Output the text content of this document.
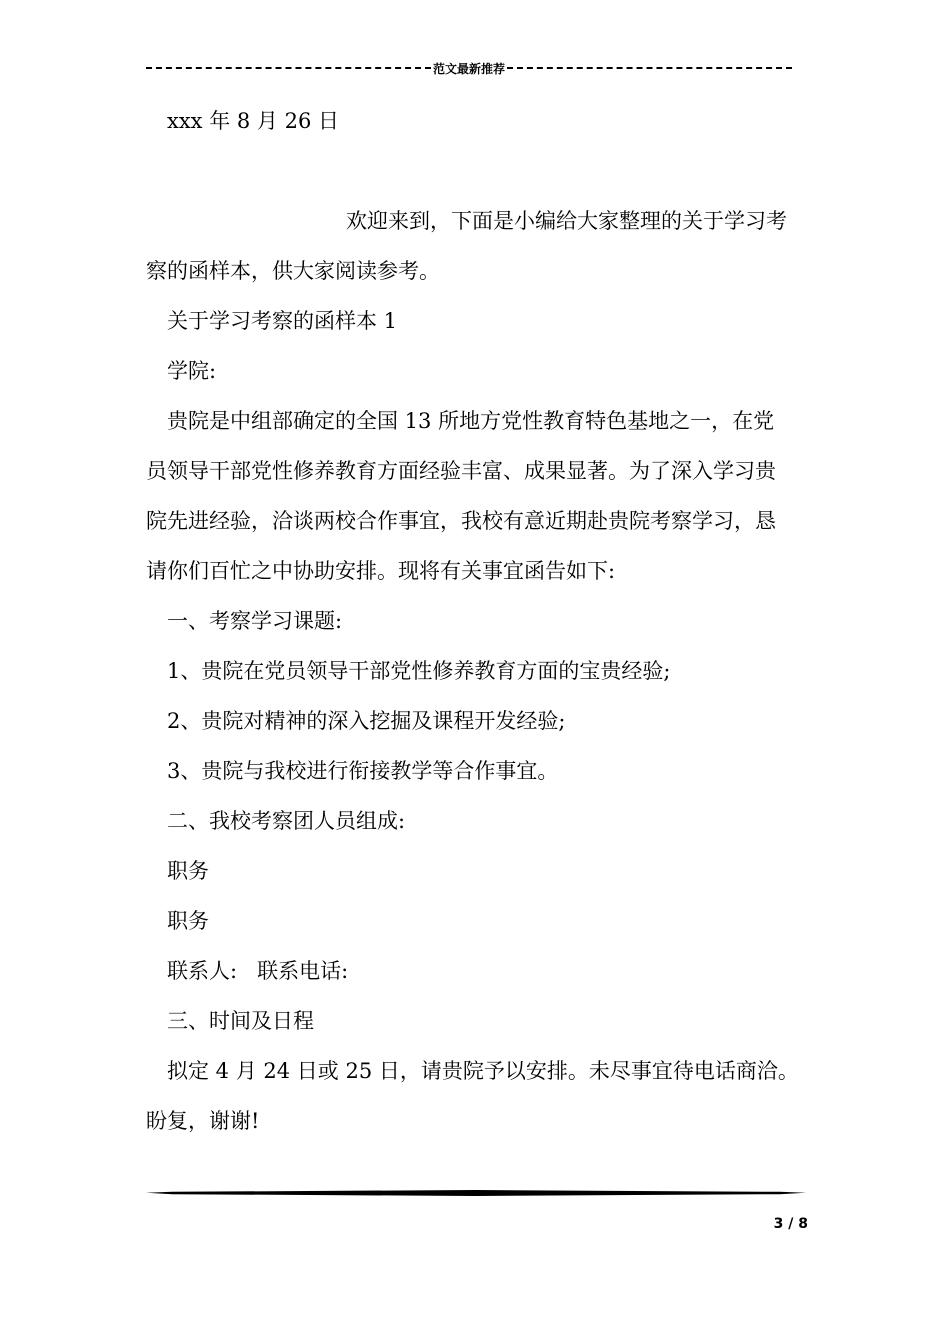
范文最新推荐

xxx 年 8 月 26 日

欢迎来到，下面是小编给大家整理的关于学习考

察的函样本，供大家阅读参考。

关于学习考察的函样本 1

学院:

贵院是中组部确定的全国 13 所地方党性教育特色基地之一，在党

员领导干部党性修养教育方面经验丰富、成果显著。为了深入学习贵

院先进经验，洽谈两校合作事宜，我校有意近期赴贵院考察学习，恳

请你们百忙之中协助安排。现将有关事宜函告如下:

一、考察学习课题:

1、贵院在党员领导干部党性修养教育方面的宝贵经验;

2、贵院对精神的深入挖掘及课程开发经验;

3、贵院与我校进行衔接教学等合作事宜。

二、我校考察团人员组成:

职务

职务

联系人:   联系电话:

三、时间及日程

拟定 4 月 24 日或 25 日，请贵院予以安排。未尽事宜待电话商洽。

盼复，谢谢!

3 / 8
